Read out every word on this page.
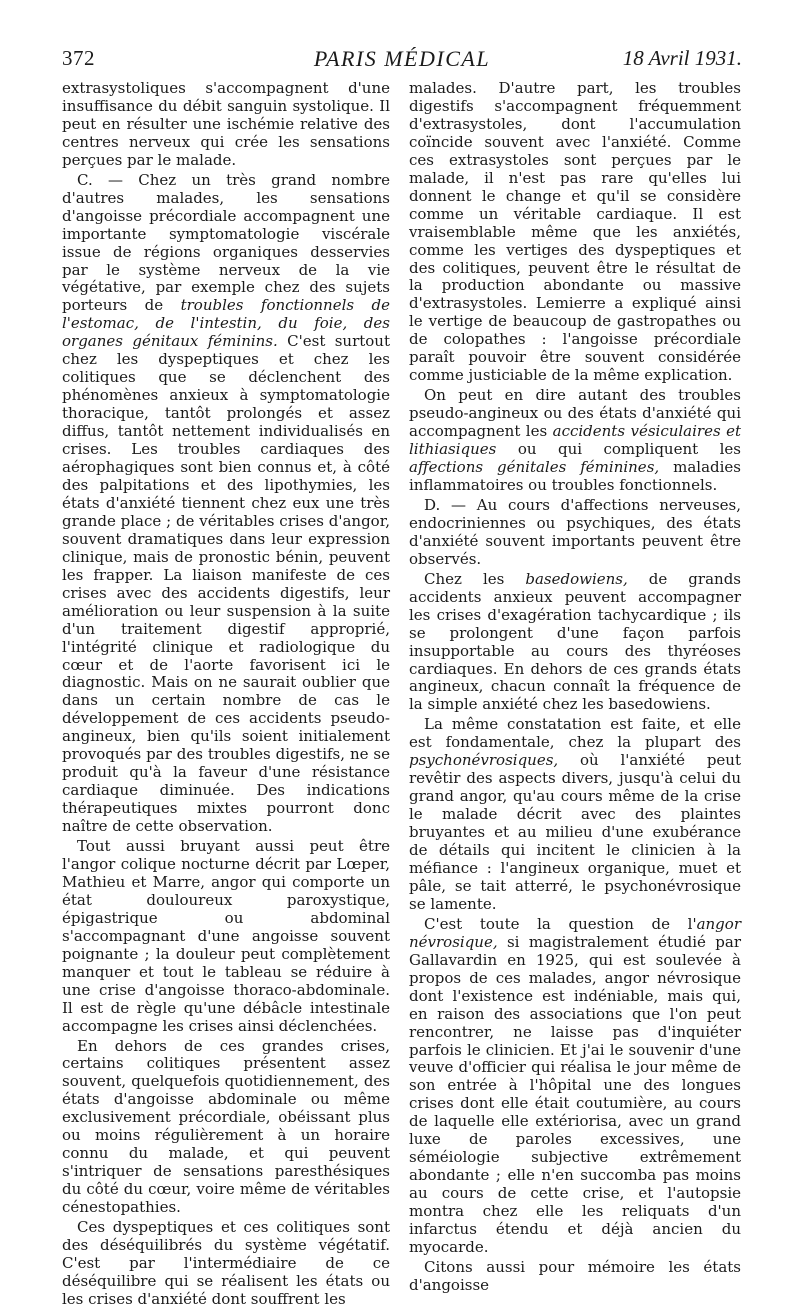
372	PARIS MÉDICAL	18 Avril 1931.

extrasystoliques s'accompagnent d'une insuffisance du débit sanguin systolique. Il peut en résulter une ischémie relative des centres nerveux qui crée les sensations perçues par le malade.

C. — Chez un très grand nombre d'autres malades, les sensations d'angoisse précordiale accompagnent une importante symptomatologie viscérale issue de régions organiques desservies par le système nerveux de la vie végétative, par exemple chez des sujets porteurs de troubles fonctionnels de l'estomac, de l'intestin, du foie, des organes génitaux féminins. C'est surtout chez les dyspeptiques et chez les colitiques que se déclenchent des phénomènes anxieux à symptomatologie thoracique, tantôt prolongés et assez diffus, tantôt nettement individualisés en crises. Les troubles cardiaques des aérophagiques sont bien connus et, à côté des palpitations et des lipothymies, les états d'anxiété tiennent chez eux une très grande place ; de véritables crises d'angor, souvent dramatiques dans leur expression clinique, mais de pronostic bénin, peuvent les frapper. La liaison manifeste de ces crises avec des accidents digestifs, leur amélioration ou leur suspension à la suite d'un traitement digestif approprié, l'intégrité clinique et radiologique du cœur et de l'aorte favorisent ici le diagnostic. Mais on ne saurait oublier que dans un certain nombre de cas le développement de ces accidents pseudo-angineux, bien qu'ils soient initialement provoqués par des troubles digestifs, ne se produit qu'à la faveur d'une résistance cardiaque diminuée. Des indications thérapeutiques mixtes pourront donc naître de cette observation.

Tout aussi bruyant aussi peut être l'angor colique nocturne décrit par Lœper, Mathieu et Marre, angor qui comporte un état douloureux paroxystique, épigastrique ou abdominal s'accompagnant d'une angoisse souvent poignante ; la douleur peut complètement manquer et tout le tableau se réduire à une crise d'angoisse thoraco-abdominale. Il est de règle qu'une débâcle intestinale accompagne les crises ainsi déclenchées.

En dehors de ces grandes crises, certains colitiques présentent assez souvent, quelquefois quotidiennement, des états d'angoisse abdominale ou même exclusivement précordiale, obéissant plus ou moins régulièrement à un horaire connu du malade, et qui peuvent s'intriquer de sensations paresthésiques du côté du cœur, voire même de véritables cénestopathies.

Ces dyspeptiques et ces colitiques sont des déséquilibrés du système végétatif. C'est par l'intermédiaire de ce déséquilibre qui se réalisent les états ou les crises d'anxiété dont souffrent les

malades. D'autre part, les troubles digestifs s'accompagnent fréquemment d'extrasystoles, dont l'accumulation coïncide souvent avec l'anxiété. Comme ces extrasystoles sont perçues par le malade, il n'est pas rare qu'elles lui donnent le change et qu'il se considère comme un véritable cardiaque. Il est vraisemblable même que les anxiétés, comme les vertiges des dyspeptiques et des colitiques, peuvent être le résultat de la production abondante ou massive d'extrasystoles. Lemierre a expliqué ainsi le vertige de beaucoup de gastropathes ou de colopathes : l'angoisse précordiale paraît pouvoir être souvent considérée comme justiciable de la même explication.

On peut en dire autant des troubles pseudo-angineux ou des états d'anxiété qui accompagnent les accidents vésiculaires et lithiasiques ou qui compliquent les affections génitales féminines, maladies inflammatoires ou troubles fonctionnels.

D. — Au cours d'affections nerveuses, endocriniennes ou psychiques, des états d'anxiété souvent importants peuvent être observés.

Chez les basedowiens, de grands accidents anxieux peuvent accompagner les crises d'exagération tachycardique ; ils se prolongent d'une façon parfois insupportable au cours des thyréoses cardiaques. En dehors de ces grands états angineux, chacun connaît la fréquence de la simple anxiété chez les basedowiens.

La même constatation est faite, et elle est fondamentale, chez la plupart des psychonévrosiques, où l'anxiété peut revêtir des aspects divers, jusqu'à celui du grand angor, qu'au cours même de la crise le malade décrit avec des plaintes bruyantes et au milieu d'une exubérance de détails qui incitent le clinicien à la méfiance : l'angineux organique, muet et pâle, se tait atterré, le psychonévrosique se lamente.

C'est toute la question de l'angor névrosique, si magistralement étudié par Gallavardin en 1925, qui est soulevée à propos de ces malades, angor névrosique dont l'existence est indéniable, mais qui, en raison des associations que l'on peut rencontrer, ne laisse pas d'inquiéter parfois le clinicien. Et j'ai le souvenir d'une veuve d'officier qui réalisa le jour même de son entrée à l'hôpital une des longues crises dont elle était coutumière, au cours de laquelle elle extériorisa, avec un grand luxe de paroles excessives, une séméiologie subjective extrêmement abondante ; elle n'en succomba pas moins au cours de cette crise, et l'autopsie montra chez elle les reliquats d'un infarctus étendu et déjà ancien du myocarde.

Citons aussi pour mémoire les états d'angoisse
